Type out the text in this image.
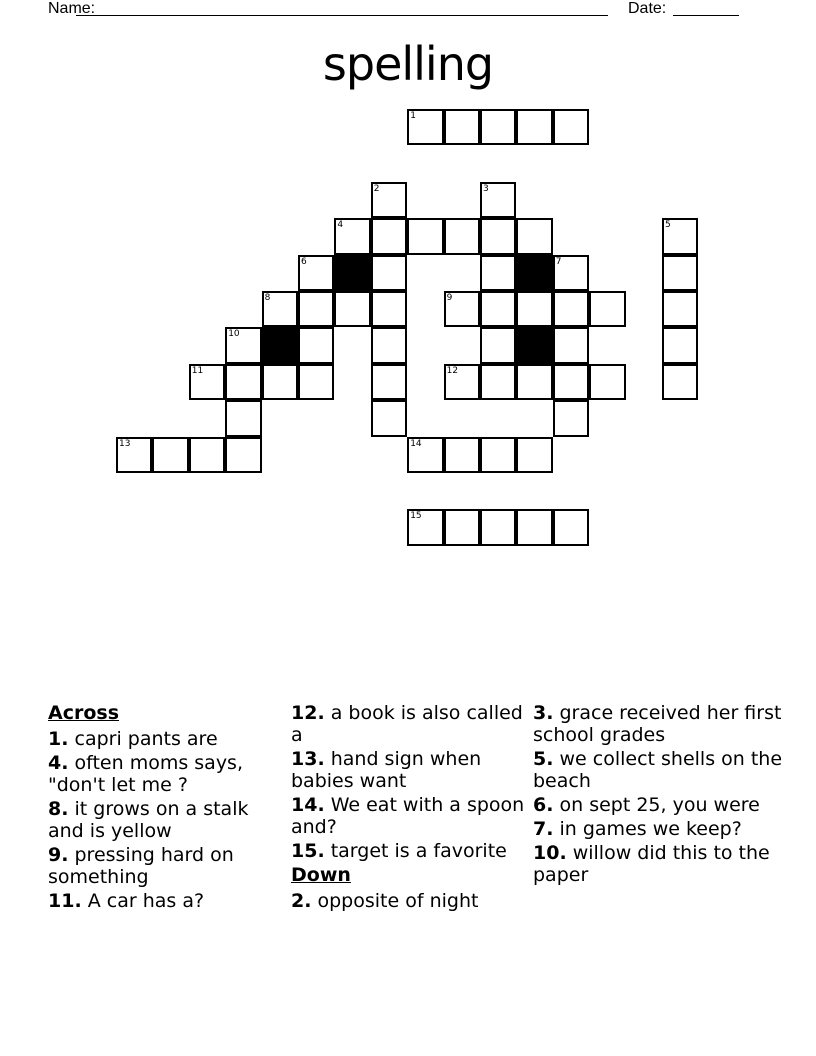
Name:	Date:
spelling
1
2	3
4	5
6	7
8	9
10
11	12
13	14
15
Across
1. capri pants are
4. often moms says, "don't let me ?
8. it grows on a stalk and is yellow
9. pressing hard on something
11. A car has a?
12. a book is also called a
13. hand sign when babies want
14. We eat with a spoon and?
15. target is a favorite
Down
2. opposite of night
3. grace received her first school grades
5. we collect shells on the beach
6. on sept 25, you were
7. in games we keep?
10. willow did this to the paper
